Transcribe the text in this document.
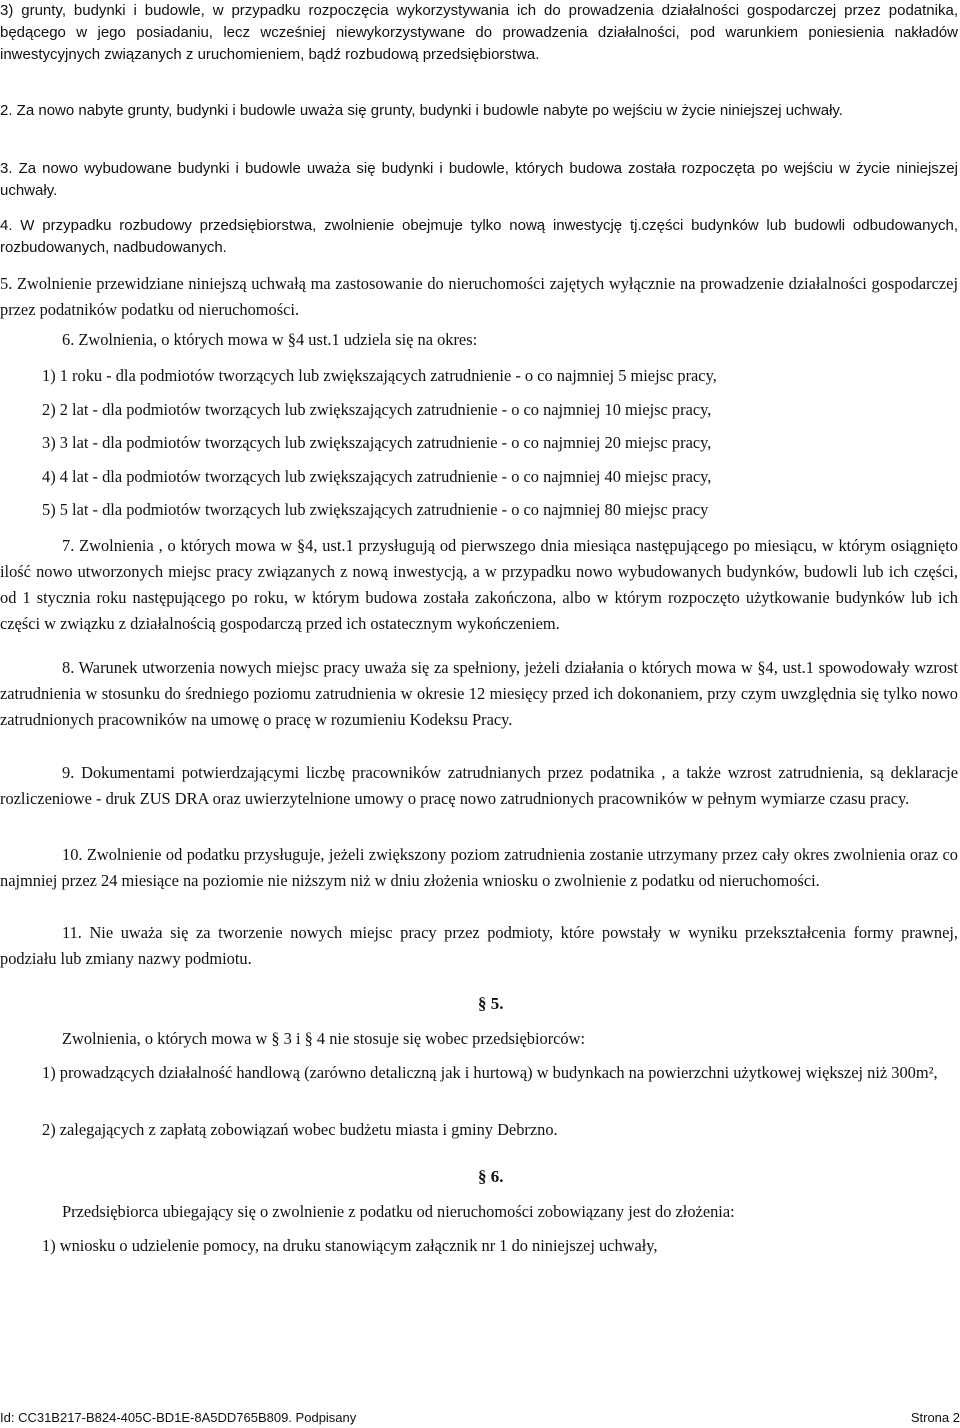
3) grunty, budynki i budowle, w przypadku rozpoczęcia wykorzystywania ich do prowadzenia działalności gospodarczej przez podatnika, będącego w jego posiadaniu, lecz wcześniej niewykorzystywane do prowadzenia działalności, pod warunkiem poniesienia nakładów inwestycyjnych związanych z uruchomieniem, bądź rozbudową przedsiębiorstwa.

2. Za nowo nabyte grunty, budynki i budowle uważa się grunty, budynki i budowle nabyte po wejściu w życie niniejszej uchwały.

3. Za nowo wybudowane budynki i budowle uważa się budynki i budowle, których budowa została rozpoczęta po wejściu w życie niniejszej uchwały.

4. W przypadku rozbudowy przedsiębiorstwa, zwolnienie obejmuje tylko nową inwestycję tj.części budynków lub budowli odbudowanych, rozbudowanych, nadbudowanych.

5. Zwolnienie przewidziane niniejszą uchwałą ma zastosowanie do nieruchomości zajętych wyłącznie na prowadzenie działalności gospodarczej przez podatników podatku od nieruchomości.

6. Zwolnienia, o których mowa w §4 ust.1 udziela się na okres:

1) 1 roku - dla podmiotów tworzących lub zwiększających zatrudnienie - o co najmniej 5 miejsc pracy,

2) 2 lat - dla podmiotów tworzących lub zwiększających zatrudnienie - o co najmniej 10 miejsc pracy,

3) 3 lat - dla podmiotów tworzących lub zwiększających zatrudnienie - o co najmniej 20 miejsc pracy,

4) 4 lat - dla podmiotów tworzących lub zwiększających zatrudnienie - o co najmniej 40 miejsc pracy,

5) 5 lat - dla podmiotów tworzących lub zwiększających zatrudnienie - o co najmniej 80 miejsc pracy

7. Zwolnienia , o których mowa w §4, ust.1 przysługują od pierwszego dnia miesiąca następującego po miesiącu, w którym osiągnięto ilość nowo utworzonych miejsc pracy związanych z nową inwestycją, a w przypadku nowo wybudowanych budynków, budowli lub ich części, od 1 stycznia roku następującego po roku, w którym budowa została zakończona, albo w którym rozpoczęto użytkowanie budynków lub ich części w związku z działalnością gospodarczą przed ich ostatecznym wykończeniem.

8. Warunek utworzenia nowych miejsc pracy uważa się za spełniony, jeżeli działania o których mowa w §4, ust.1 spowodowały wzrost zatrudnienia w stosunku do średniego poziomu zatrudnienia w okresie 12 miesięcy przed ich dokonaniem, przy czym uwzględnia się tylko nowo zatrudnionych pracowników na umowę o pracę w rozumieniu Kodeksu Pracy.

9. Dokumentami potwierdzającymi liczbę pracowników zatrudnianych przez podatnika , a także wzrost zatrudnienia, są deklaracje rozliczeniowe - druk ZUS DRA oraz uwierzytelnione umowy o pracę nowo zatrudnionych pracowników w pełnym wymiarze czasu pracy.

10. Zwolnienie od podatku przysługuje, jeżeli zwiększony poziom zatrudnienia zostanie utrzymany przez cały okres zwolnienia oraz co najmniej przez 24 miesiące na poziomie nie niższym niż w dniu złożenia wniosku o zwolnienie z podatku od nieruchomości.

11. Nie uważa się za tworzenie nowych miejsc pracy przez podmioty, które powstały w wyniku przekształcenia formy prawnej, podziału lub zmiany nazwy podmiotu.

§ 5.

Zwolnienia, o których mowa w § 3 i § 4 nie stosuje się wobec przedsiębiorców:

1) prowadzących działalność handlową (zarówno detaliczną jak i hurtową) w budynkach na powierzchni użytkowej większej niż 300m²,

2) zalegających z zapłatą zobowiązań wobec budżetu miasta i gminy Debrzno.

§ 6.

Przedsiębiorca ubiegający się o zwolnienie z podatku od nieruchomości zobowiązany jest do złożenia:

1) wniosku o udzielenie pomocy, na druku stanowiącym załącznik nr 1 do niniejszej uchwały,

Id: CC31B217-B824-405C-BD1E-8A5DD765B809. Podpisany	Strona 2
